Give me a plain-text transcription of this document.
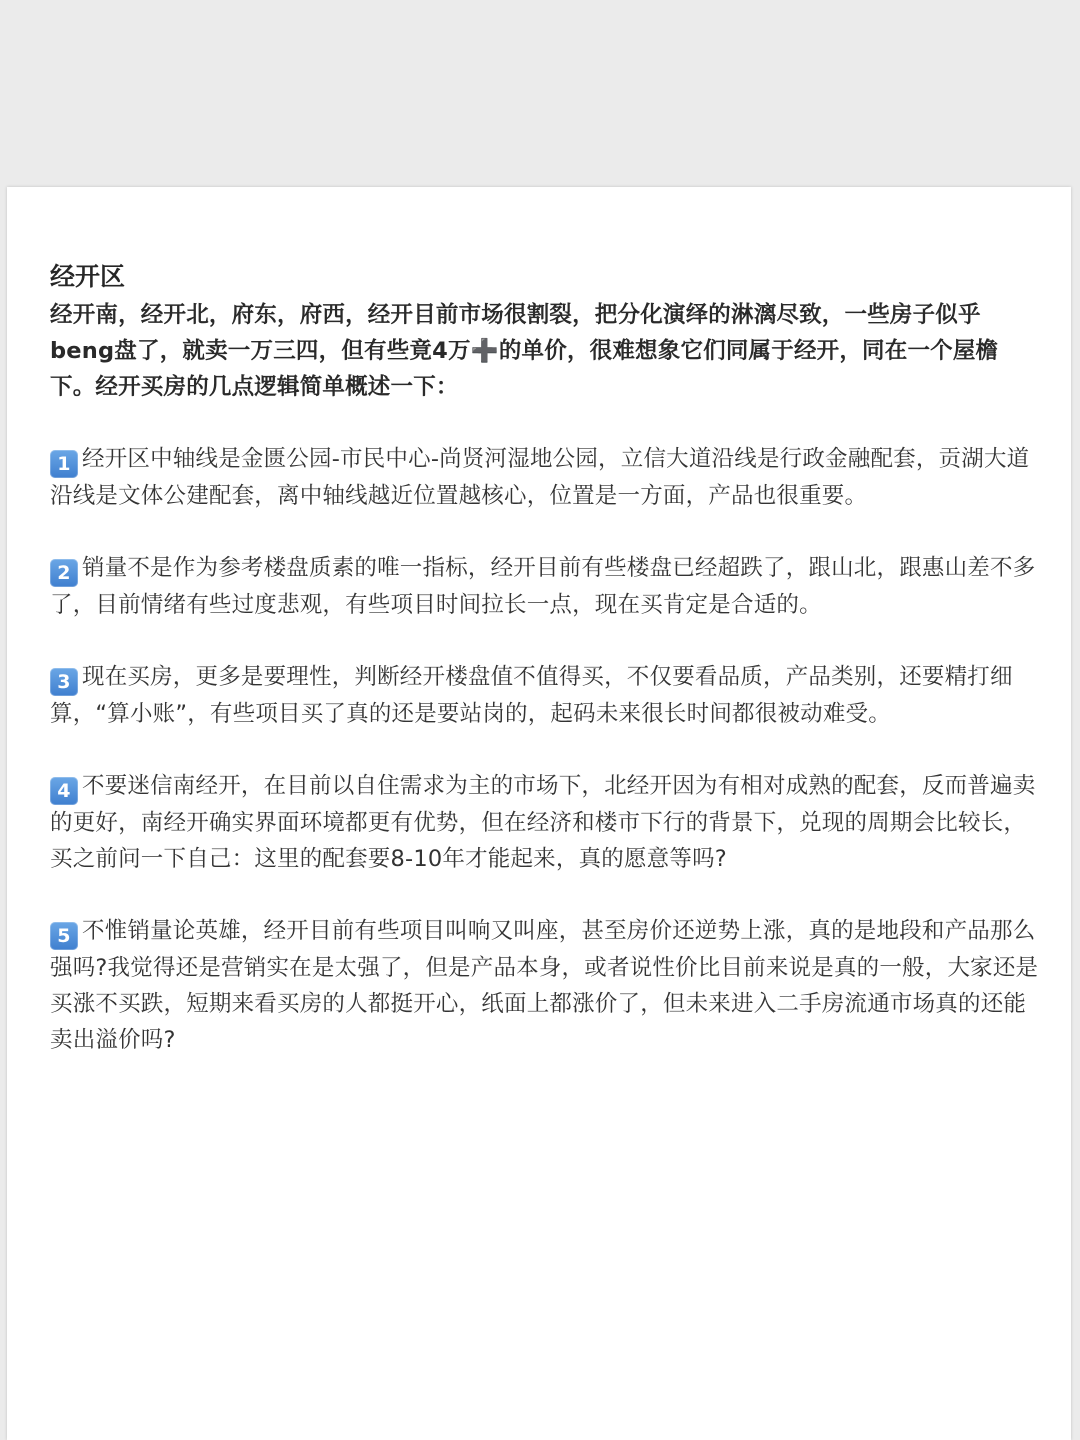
经开区

经开南，经开北，府东，府西，经开目前市场很割裂，把分化演绎的淋漓尽致，一些房子似乎beng盘了，就卖一万三四，但有些竟4万➕的单价，很难想象它们同属于经开，同在一个屋檐下。经开买房的几点逻辑简单概述一下：

1 经开区中轴线是金匮公园-市民中心-尚贤河湿地公园，立信大道沿线是行政金融配套，贡湖大道沿线是文体公建配套，离中轴线越近位置越核心，位置是一方面，产品也很重要。

2 销量不是作为参考楼盘质素的唯一指标，经开目前有些楼盘已经超跌了，跟山北，跟惠山差不多了，目前情绪有些过度悲观，有些项目时间拉长一点，现在买肯定是合适的。

3 现在买房，更多是要理性，判断经开楼盘值不值得买，不仅要看品质，产品类别，还要精打细算，“算小账”，有些项目买了真的还是要站岗的，起码未来很长时间都很被动难受。

4 不要迷信南经开，在目前以自住需求为主的市场下，北经开因为有相对成熟的配套，反而普遍卖的更好，南经开确实界面环境都更有优势，但在经济和楼市下行的背景下，兑现的周期会比较长，买之前问一下自己：这里的配套要8-10年才能起来，真的愿意等吗?

5 不惟销量论英雄，经开目前有些项目叫响又叫座，甚至房价还逆势上涨，真的是地段和产品那么强吗?我觉得还是营销实在是太强了，但是产品本身，或者说性价比目前来说是真的一般，大家还是买涨不买跌，短期来看买房的人都挺开心，纸面上都涨价了，但未来进入二手房流通市场真的还能卖出溢价吗?
